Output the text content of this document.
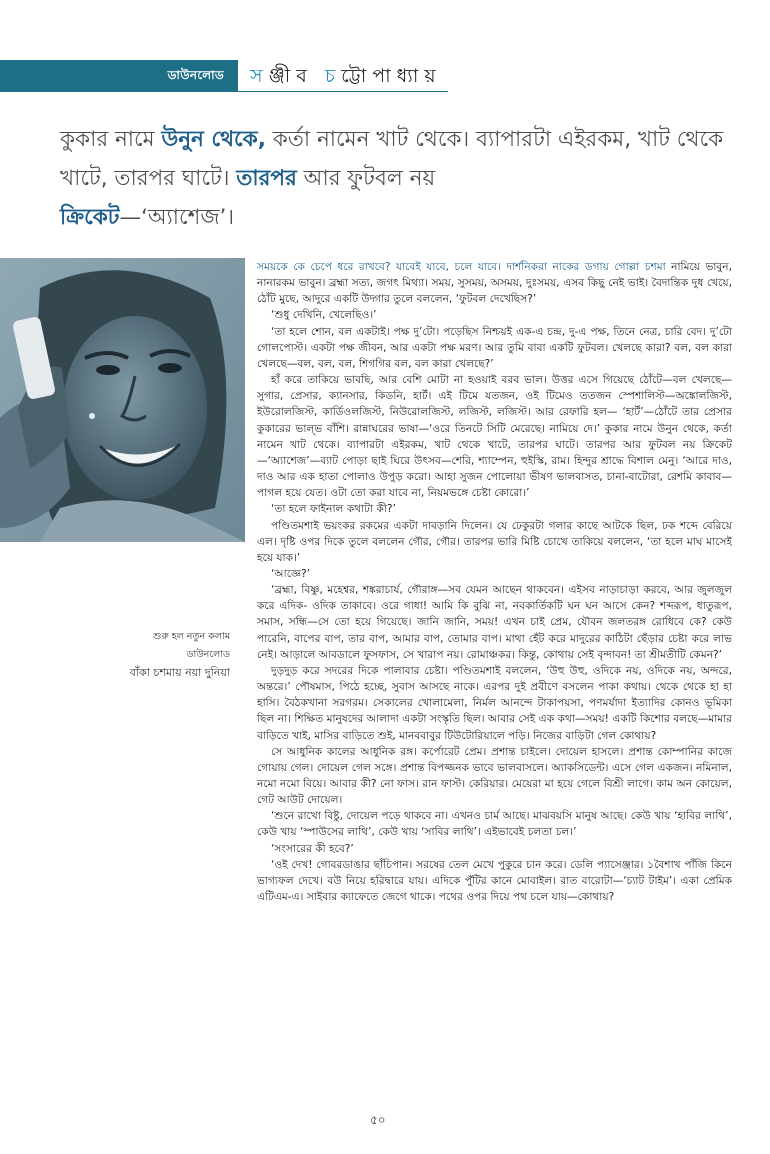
ডাউনলোড সঞ্জীব চট্টোপাধ্যায়
কুকার নামে উনুন থেকে, কর্তা নামেন খাট থেকে। ব্যাপারটা এইরকম, খাট থেকে খাটে, তারপর ঘাটে। তারপর আর ফুটবল নয়
ক্রিকেট—‘অ্যাশেজ’।
শুরু হল নতুন কলাম
ডাউনলোড
বাঁকা চশমায় নয়া দুনিয়া

সময়কে কে চেপে ধরে রাখবে? যাবেই যাবে, চলে যাবে। দার্শনিকরা নাকের ডগায় গোল্লা চশমা নামিয়ে ভাবুন, নানারকম ভাবুন। ব্রহ্মা সত্য, জগৎ মিথ্যা। সময়, সুসময়, অসময়, দুঃসময়, এসব কিছু নেই ভাই। বৈদান্তিক দুধ খেয়ে, ঠোঁট মুছে, আদুরে একটি উদ্গার তুলে বললেন, ‘ফুটবল দেখেছিস?’

‘শুধু দেখিনি, খেলেছিও।’

‘তা হলে শোন, বল একটাই। পক্ষ দু’টো। পড়েছিস নিশ্চয়ই এক-এ চন্দ্র, দু-এ পক্ষ, তিনে নেত্র, চারি বেদ। দু’টো গোলপোস্ট। একটা পক্ষ জীবন, আর একটা পক্ষ মরণ। আর তুমি বাবা একটি ফুটবল। খেলছে কারা? বল, বল কারা খেলছে—বল, বল, বল, শিগগির বল, বল কারা খেলছে?’

হাঁ করে তাকিয়ে ভাবছি, আর বেশি মোটা না হওয়াই বরব ভাল। উত্তর এসে গিয়েছে ঠোঁটে—বল খেলছে—সুগার, প্রেসার, ক্যানসার, কিডনি, হার্ট। এই টিমে যতজন, ওই টিমেও ততজন স্পেশালিস্ট—অঙ্কোলজিস্ট, ইউরোলজিস্ট, কার্ডিওলজিস্ট, নিউরোলজিস্ট, লজিস্ট, লজিস্ট। আর রেফারি হল— ‘হার্ট’—ঠোঁটে তার প্রেসার কুকারের ভাল্ভ বাঁশি। রান্নাঘরের ভাষা—‘ওরে তিনটে সিটি মেরেছে। নামিয়ে দে।’ কুকার নামে উনুন থেকে, কর্তা নামেন খাট থেকে। ব্যাপারটা এইরকম, খাট থেকে খাটে, তারপর ঘাটে। তারপর আর ফুটবল নয় ক্রিকেট—‘অ্যাশেজ’—ব্যাট পোড়া ছাই ঘিরে উৎসব—শেরি, শ্যাম্পেন, হুইস্কি, রাম। হিন্দুর শ্রাদ্ধে বিশাল মেনু। ‘আরে দাও, দাও আর এক হাতা পোলাও উপুড় করো। আহা সুজন পোলোয়া ভীষণ ভালবাসত, চানা-বাটোরা, রেশমি কাবাব—পাগল হয়ে যেত। ওটা তো করা যাবে না, নিয়মভঙ্গে চেষ্টা কোরো।’

‘তা হলে ফাইনাল কথাটা কী?’

পণ্ডিতমশাই ভয়ংকর রকমের একটা দাবড়ানি দিলেন। যে ঢেকুরটা গলার কাছে আটকে ছিল, ঢক শব্দে বেরিয়ে এল। দৃষ্টি ওপর দিকে তুলে বললেন গৌর, গৌর। তারপর ভারি মিষ্টি চোখে তাকিয়ে বললেন, ‘তা হলে মাঘ মাসেই হয়ে যাক।’

‘আজ্ঞে?’

‘ব্রহ্মা, বিষ্ণু, মহেশ্বর, শঙ্করাচার্য, গৌরাঙ্গ—সব যেমন আছেন থাকবেন। এইসব নাড়াচাড়া করবে, আর জুলজুল করে এদিক- ওদিক তাকাবে। ওরে গাধা! আমি কি বুঝি না, নবকার্তিকটি ঘন ঘন আসে কেন? শব্দরূপ, ধাতুরূপ, সমাস, সন্ধি—সে তো হয়ে গিয়েছে। জানি জানি, সময়! এখন চাই প্রেম, যৌবন জলতরঙ্গ রোধিবে কে? কেউ পারেনি, বাপের বাপ, তার বাপ, আমার বাপ, তোমার বাপ। মাথা হেঁট করে মাদুরের কাঠিটা ছেঁড়ার চেষ্টা করে লাভ নেই। আড়ালে আবডালে ফুসফাস, সে খারাপ নয়। রোমাঞ্চকর। কিন্তু, কোথায় সেই বৃন্দাবন! তা শ্রীমতীটি কেমন?’

দুড়দুড় করে সদরের দিকে পালাবার চেষ্টা। পণ্ডিতমশাই বললেন, ‘উহু উহু, ওদিকে নয়, ওদিকে নয়, অন্দরে, অন্তরে।’ পৌষমাস, পিঠে হচ্ছে, সুবাস আসছে নাকে। এরপর দুই প্রবীণে বসলেন পাকা কথায়। থেকে থেকে হা হা হাসি। বৈঠকখানা সরগরম। সেকালের খোলামেলা, নির্মল আনন্দে টাকাপয়সা, পণমর্যাদা ইত্যাদির কোনও ভূমিকা ছিল না। শিক্ষিত মানুষদের আলাদা একটা সংস্কৃতি ছিল। আবার সেই এক কথা—সময়! একটি কিশোর বলছে—মামার বাড়িতে খাই, মাসির বাড়িতে শুই, মানববাবুর টিউটোরিয়ালে পড়ি। নিজের বাড়িটা গেল কোথায়?

সে আধুনিক কালের আধুনিক রঙ্গ। কর্পোরেট প্রেম। প্রশান্ত চাইলে। দোয়েল হাসলে। প্রশান্ত কোম্পানির কাজে গোয়ায় গেল। দোয়েল গেল সঙ্গে। প্রশান্ত বিপজ্জনক ভাবে ভালবাসলে। অ্যাকসিডেন্ট। এসে গেল একজন। নমিনাল, নমো নমো বিয়ে। আবার কী? নো ফাস। রান ফাস্ট। কেরিয়ার। মেয়েরা মা হয়ে গেলে বিশ্রী লাগে। কাম অন কোয়েল, গেট আউট দোয়েল।

‘শুনে রাখো বিষ্টু, দোয়েল পড়ে থাকবে না। এখনও চার্ম আছে। মাঝবয়সি মানুষ আছে। কেউ খায় ‘হাবির লাথি’, কেউ খায় ‘স্পাউসের লাথি’, কেউ খায় ‘সাবির লাথি’। এইভাবেই চলতা চল।’

‘সংসারের কী হবে?’

‘ওই দেখ! গোবরডাঙার ছাঁচিপান। সরষের তেল মেখে পুকুরে চান করে। ডেলি প্যাসেঞ্জার। ১বৈশাখ পাঁজি কিনে ভাগ্যফল দেখে। বউ নিয়ে হরিদ্বারে যায়। এদিকে পুঁটির কানে মোবাইল। রাত বারোটা—‘চ্যাট টাইম’। একা প্রেমিক এটিএম-এ। সাইবার ক্যাফেতে জেগে থাকে। পথের ওপর দিয়ে পথ চলে যায়—কোথায়?

৫০
